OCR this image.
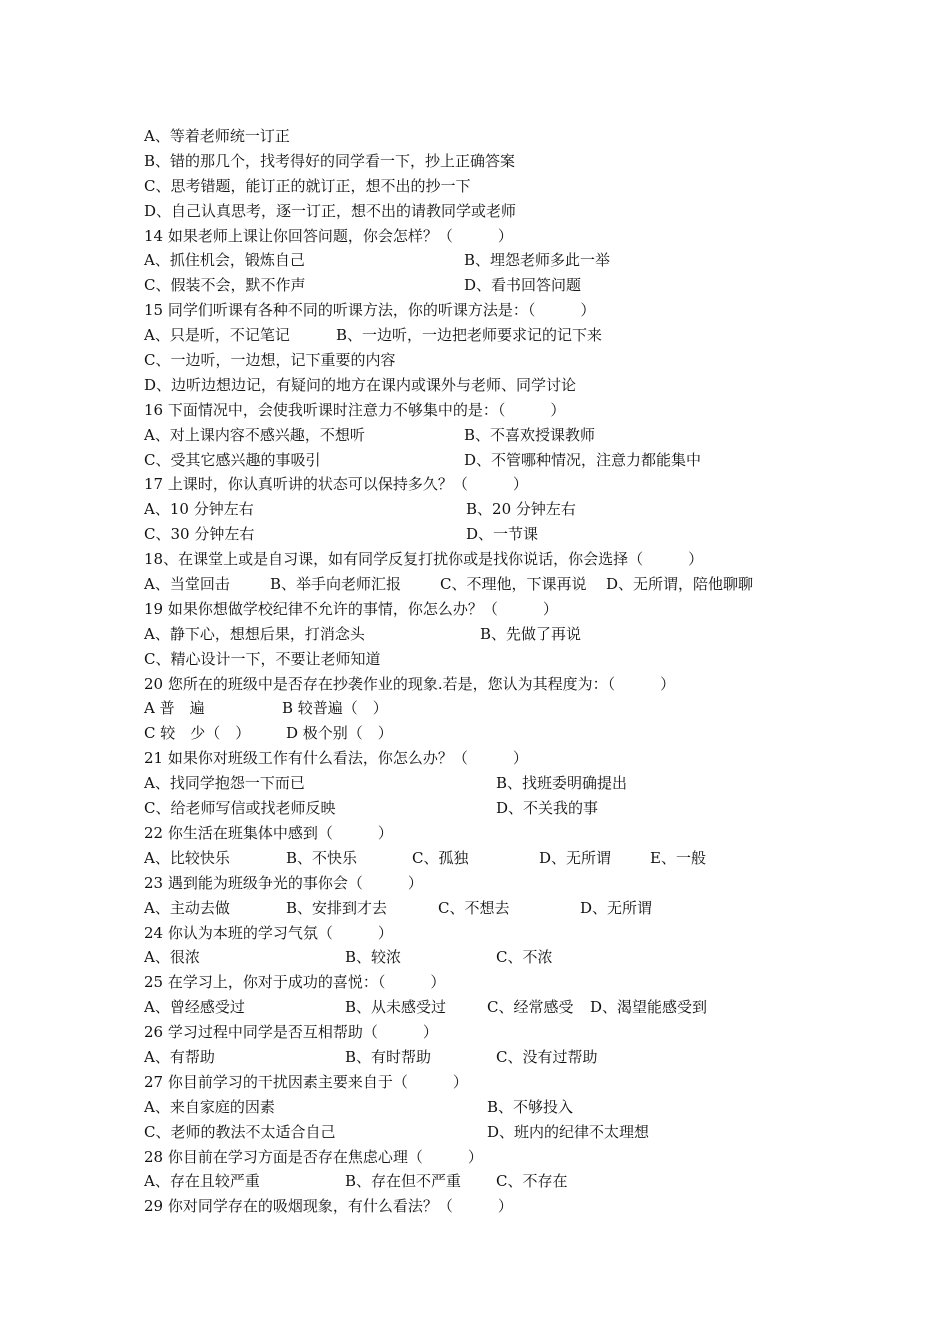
A、等着老师统一订正
B、错的那几个，找考得好的同学看一下，抄上正确答案
C、思考错题，能订正的就订正，想不出的抄一下
D、自己认真思考，逐一订正，想不出的请教同学或老师
14 如果老师上课让你回答问题，你会怎样？（　　　）
A、抓住机会，锻炼自己	B、埋怨老师多此一举
C、假装不会，默不作声	D、看书回答问题
15 同学们听课有各种不同的听课方法，你的听课方法是：（　　　）
A、只是听，不记笔记	B、一边听，一边把老师要求记的记下来
C、一边听，一边想，记下重要的内容
D、边听边想边记，有疑问的地方在课内或课外与老师、同学讨论
16 下面情况中，会使我听课时注意力不够集中的是：（　　　）
A、对上课内容不感兴趣，不想听	B、不喜欢授课教师
C、受其它感兴趣的事吸引	D、不管哪种情况，注意力都能集中
17 上课时，你认真听讲的状态可以保持多久？（　　　）
A、10 分钟左右	B、20 分钟左右
C、30 分钟左右	D、一节课
18、在课堂上或是自习课，如有同学反复打扰你或是找你说话，你会选择（　　　）
A、当堂回击	B、举手向老师汇报	C、不理他，下课再说 D、无所谓，陪他聊聊
19 如果你想做学校纪律不允许的事情，你怎么办？（　　　）
A、静下心，想想后果，打消念头	B、先做了再说
C、精心设计一下，不要让老师知道
20 您所在的班级中是否存在抄袭作业的现象.若是，您认为其程度为：（　　　）
A 普　遍	B 较普遍（　）
C 较　少（　） D 极个别（　）
21 如果你对班级工作有什么看法，你怎么办？（　　　）
A、找同学抱怨一下而已	B、找班委明确提出
C、给老师写信或找老师反映	D、不关我的事
22 你生活在班集体中感到（　　　）
A、比较快乐	B、不快乐	C、孤独	D、无所谓	E、一般
23 遇到能为班级争光的事你会（　　　）
A、主动去做	B、安排到才去	C、不想去	D、无所谓
24 你认为本班的学习气氛（　　　）
A、很浓	B、较浓	C、不浓
25 在学习上，你对于成功的喜悦：（　　　）
A、曾经感受过	B、从未感受过	C、经常感受 D、渴望能感受到
26 学习过程中同学是否互相帮助（　　　）
A、有帮助	B、有时帮助	C、没有过帮助
27 你目前学习的干扰因素主要来自于（　　　）
A、来自家庭的因素	B、不够投入
C、老师的教法不太适合自己	D、班内的纪律不太理想
28 你目前在学习方面是否存在焦虑心理（　　　）
A、存在且较严重	B、存在但不严重 C、不存在
29 你对同学存在的吸烟现象，有什么看法？（　　　）
